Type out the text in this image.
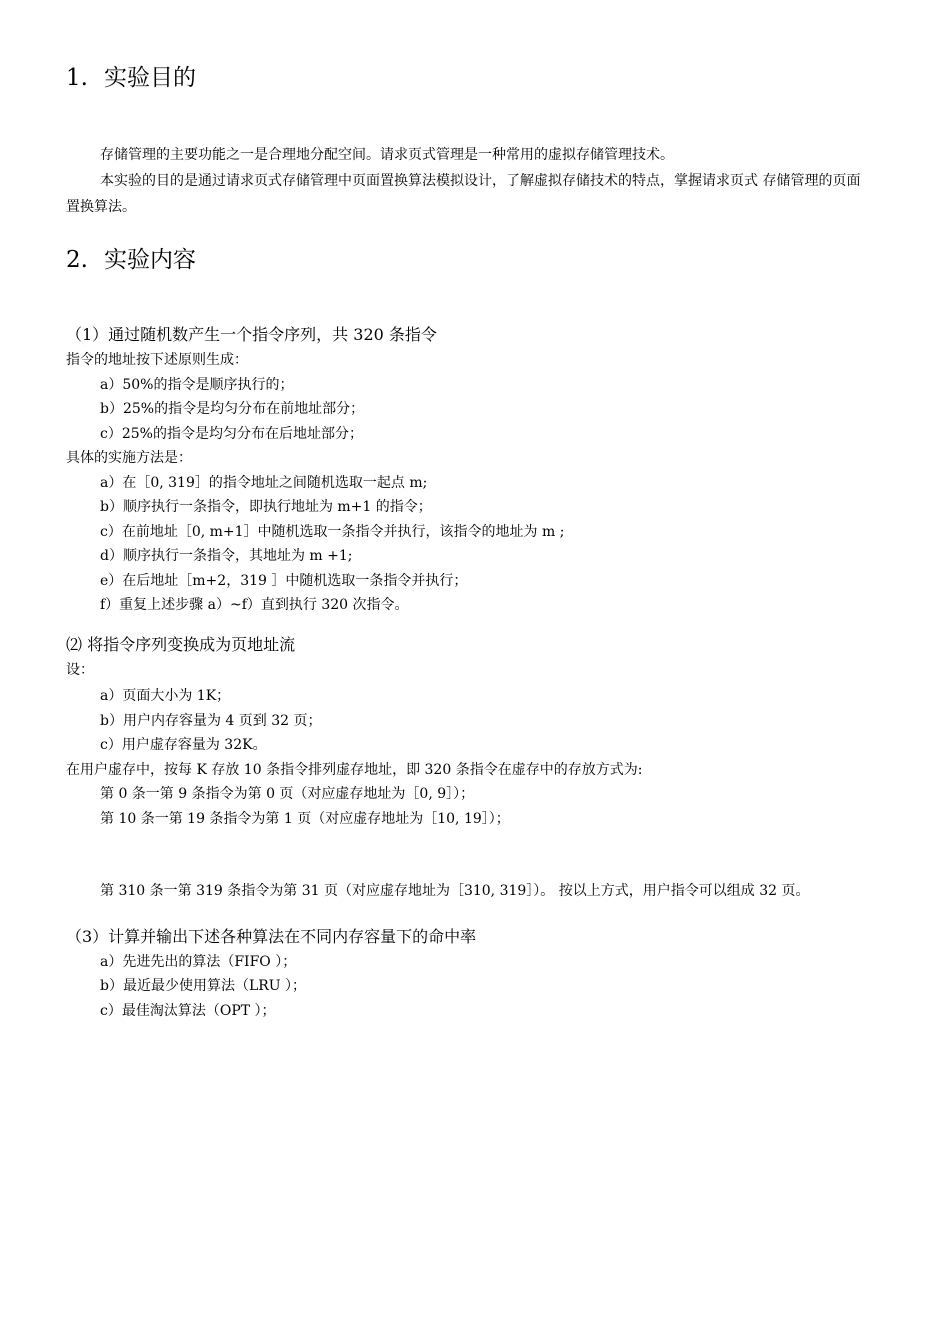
1. 实验目的
存储管理的主要功能之一是合理地分配空间。请求页式管理是一种常用的虚拟存储管理技术。
本实验的目的是通过请求页式存储管理中页面置换算法模拟设计，了解虚拟存储技术的特点，掌握请求页式 存储管理的页面置换算法。
2. 实验内容
（1）通过随机数产生一个指令序列，共 320 条指令
指令的地址按下述原则生成：
a）50%的指令是顺序执行的；
b）25%的指令是均匀分布在前地址部分；
c）25%的指令是均匀分布在后地址部分；
具体的实施方法是：
a）在［0, 319］的指令地址之间随机选取一起点 m;
b）顺序执行一条指令，即执行地址为 m+1 的指令；
c）在前地址［0, m+1］中随机选取一条指令并执行，该指令的地址为 m ;
d）顺序执行一条指令，其地址为 m +1;
e）在后地址［m+2，319 ］中随机选取一条指令并执行；
f）重复上述步骤 a）~f）直到执行 320 次指令。
⑵ 将指令序列变换成为页地址流
设：
a）页面大小为 1K；
b）用户内存容量为 4 页到 32 页；
c）用户虚存容量为 32K。
在用户虚存中，按每 K 存放 10 条指令排列虚存地址，即 320 条指令在虚存中的存放方式为:
第 0 条一第 9 条指令为第 0 页（对应虚存地址为［0, 9］）；
第 10 条一第 19 条指令为第 1 页（对应虚存地址为［10, 19］）；
第 310 条一第 319 条指令为第 31 页（对应虚存地址为［310, 319］）。 按以上方式，用户指令可以组成 32 页。
（3）计算并输出下述各种算法在不同内存容量下的命中率
a）先进先出的算法（FIFO ）；
b）最近最少使用算法（LRU ）；
c）最佳淘汰算法（OPT ）；
